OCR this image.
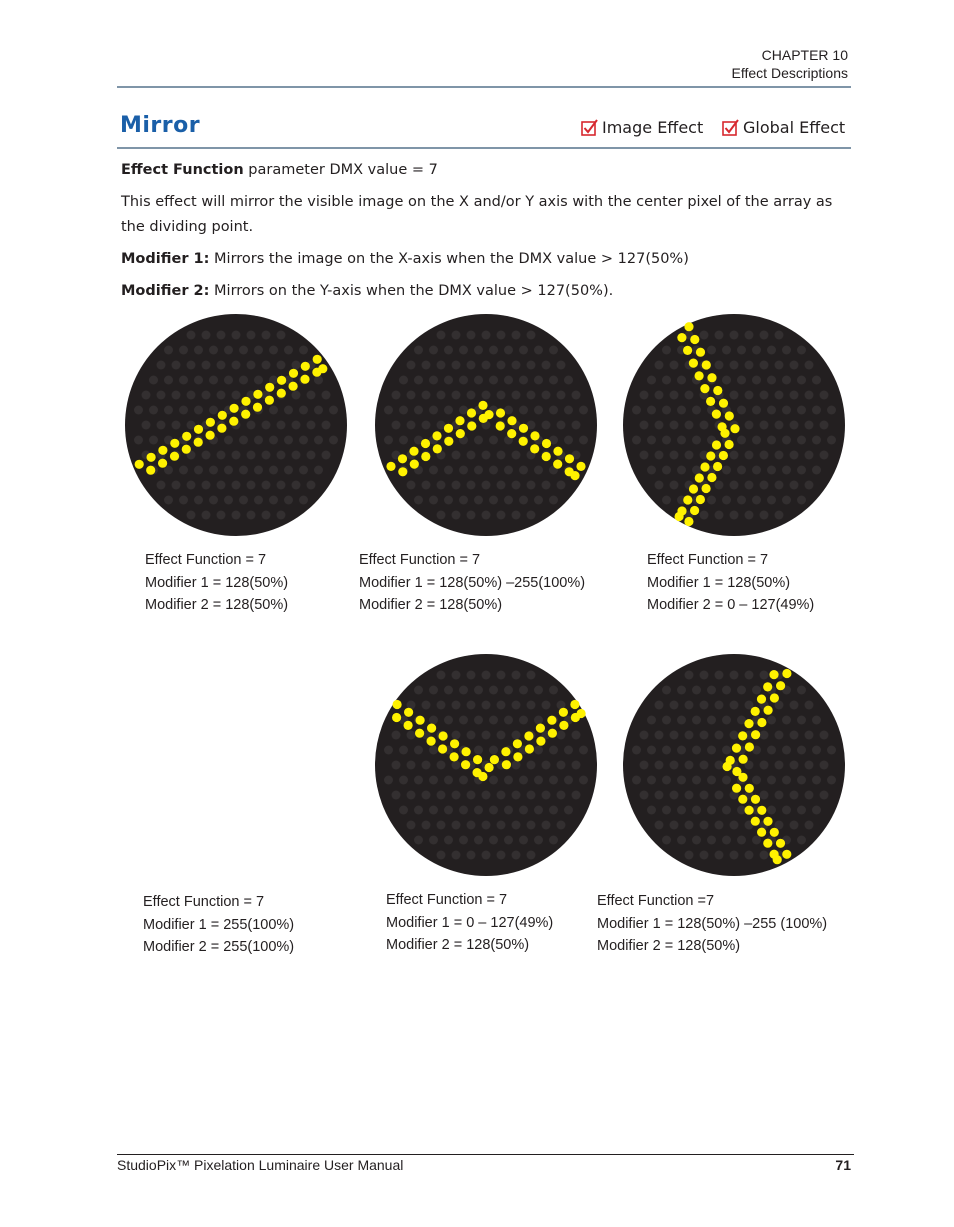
CHAPTER 10
Effect Descriptions
Mirror	Image Effect Global Effect
Effect Function parameter DMX value = 7
This effect will mirror the visible image on the X and/or Y axis with the center pixel of the array as the dividing point.
Modifier 1: Mirrors the image on the X-axis when the DMX value > 127(50%)
Modifier 2: Mirrors on the Y-axis when the DMX value > 127(50%).
Effect Function = 7
Modifier 1 = 128(50%)
Modifier 2 = 128(50%)
Effect Function = 7
Modifier 1 = 128(50%) –255(100%)
Modifier 2 = 128(50%)
Effect Function = 7
Modifier 1 = 128(50%)
Modifier 2 = 0 – 127(49%)
Effect Function = 7
Modifier 1 = 255(100%)
Modifier 2 = 255(100%)
Effect Function = 7
Modifier 1 = 0 – 127(49%)
Modifier 2 = 128(50%)
Effect Function =7
Modifier 1 = 128(50%) –255 (100%)
Modifier 2 = 128(50%)
StudioPix™ Pixelation Luminaire User Manual	71
